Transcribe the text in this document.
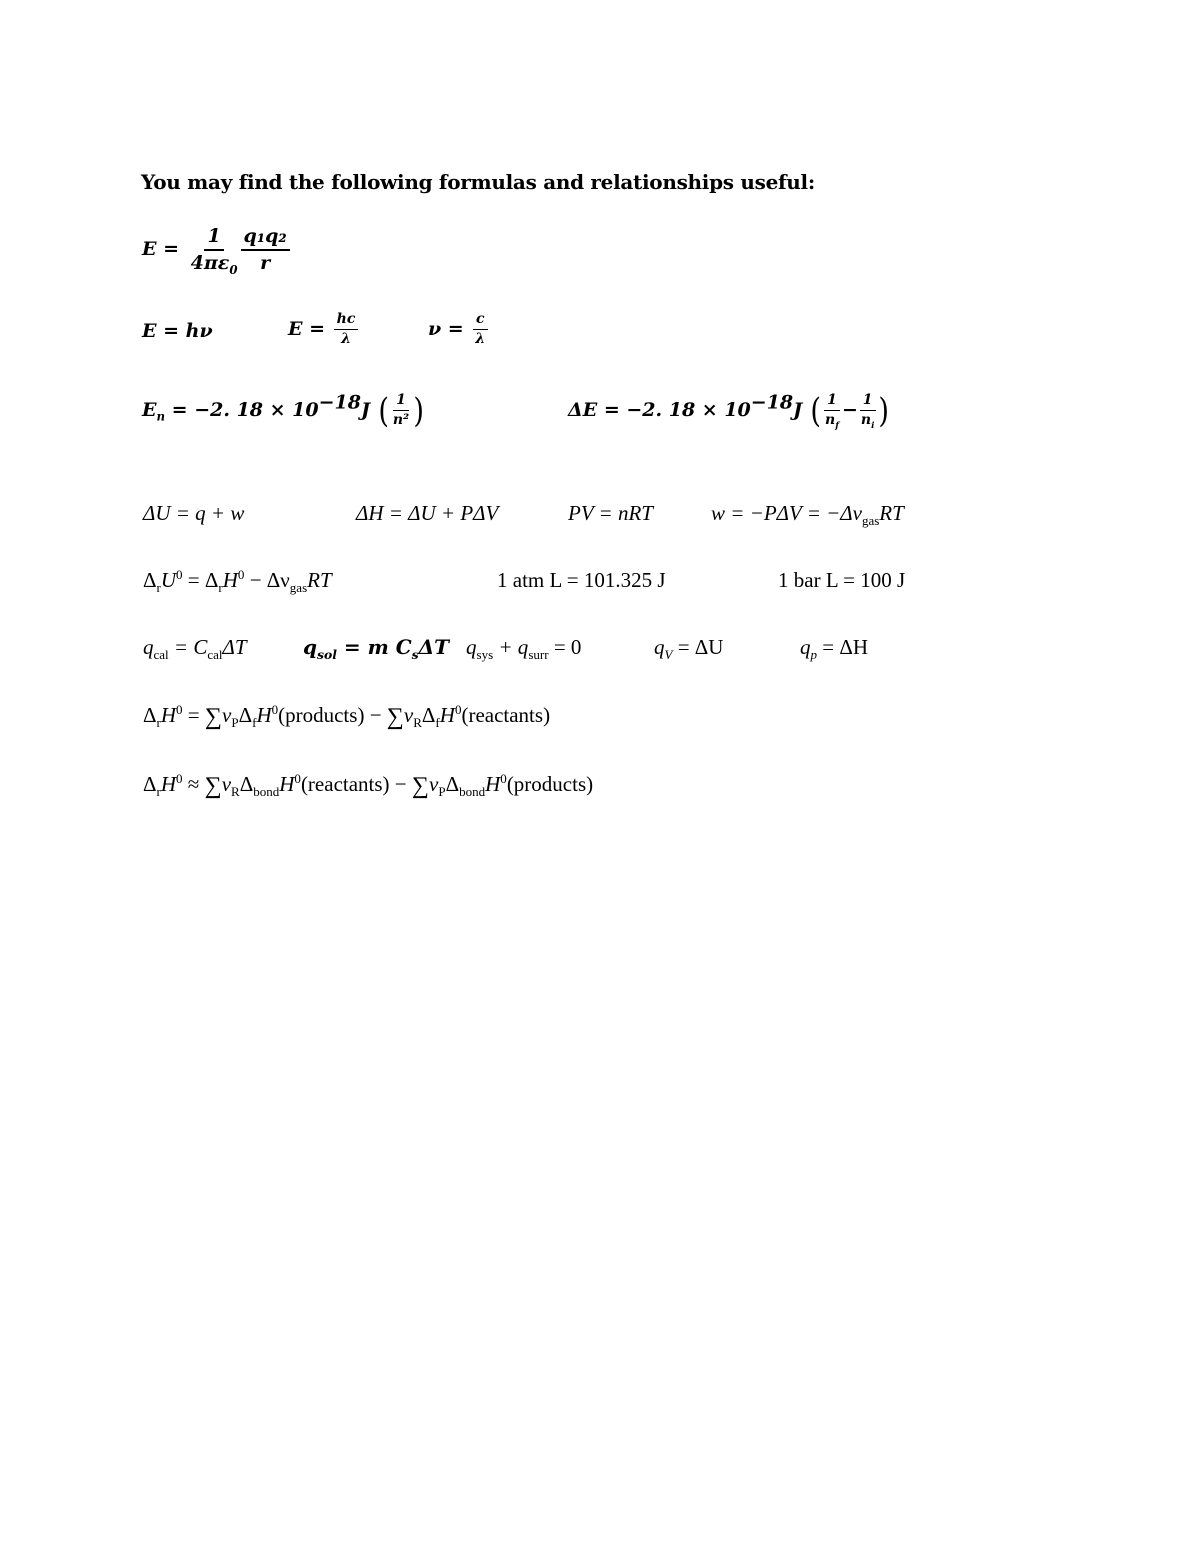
You may find the following formulas and relationships useful:
$E = \frac{1}{4\pi\varepsilon_0} \frac{\text{q₁q₂}}{r}$
E = hν	$E = \frac{hc}{\lambda}$	$\nu = \frac{c}{\lambda}$
$E_n = -2$. $18 \times 10^{-18}J$ ( $\frac{1}{\text{n²}}$ )	ΔE = −2. $18 \times 10^{-18}J$ ( $\frac{1}{n_f} - \frac{1}{n_i}$ )
ΔU = q + w	ΔH = ΔU + PΔV	PV = nRT	$w = -P\Delta V = -\Delta\nu_{gas}RT$
$\Delta_rU^0 = \Delta_rH^0 - \Delta\nu_{gas}RT$	1 atm L = 101.325 J	1 bar L = 100 J
$q_{cal} = C_{cal}\Delta T$	$q_{sol} = m$ $C_s\Delta T$ $q_{sys} + q_{surr} = 0$	$q_V = \Delta U$	$q_p = \Delta H$
$\Delta_rH^0$ = $\sum\nu_P\Delta_fH^0(products)$ − $\sum\nu_R\Delta_fH^0(reactants)$
$\Delta_rH^0$ ≈ $\sum\nu_R\Delta_{bond}H^0(reactants)$ − $\sum\nu_P\Delta_{bond}H^0(products)$
